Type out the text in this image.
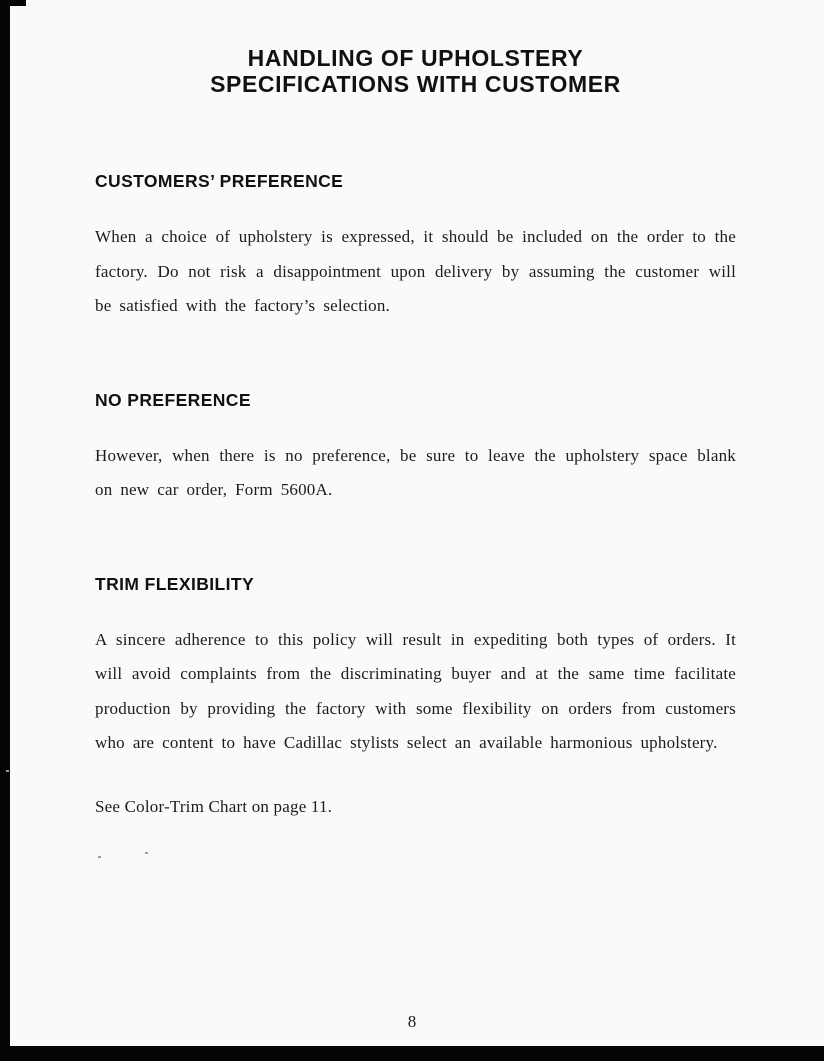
HANDLING OF UPHOLSTERY
SPECIFICATIONS WITH CUSTOMER
CUSTOMERS’ PREFERENCE

When a choice of upholstery is expressed, it should be included on the order to the factory. Do not risk a disappointment upon delivery by assuming the customer will be satisfied with the factory’s selection.

NO PREFERENCE

However, when there is no preference, be sure to leave the upholstery space blank on new car order, Form 5600A.

TRIM FLEXIBILITY

A sincere adherence to this policy will result in expediting both types of orders. It will avoid complaints from the discriminating buyer and at the same time facilitate production by providing the factory with some flexibility on orders from customers who are content to have Cadillac stylists select an available harmonious upholstery.

See Color-Trim Chart on page 11.
8
